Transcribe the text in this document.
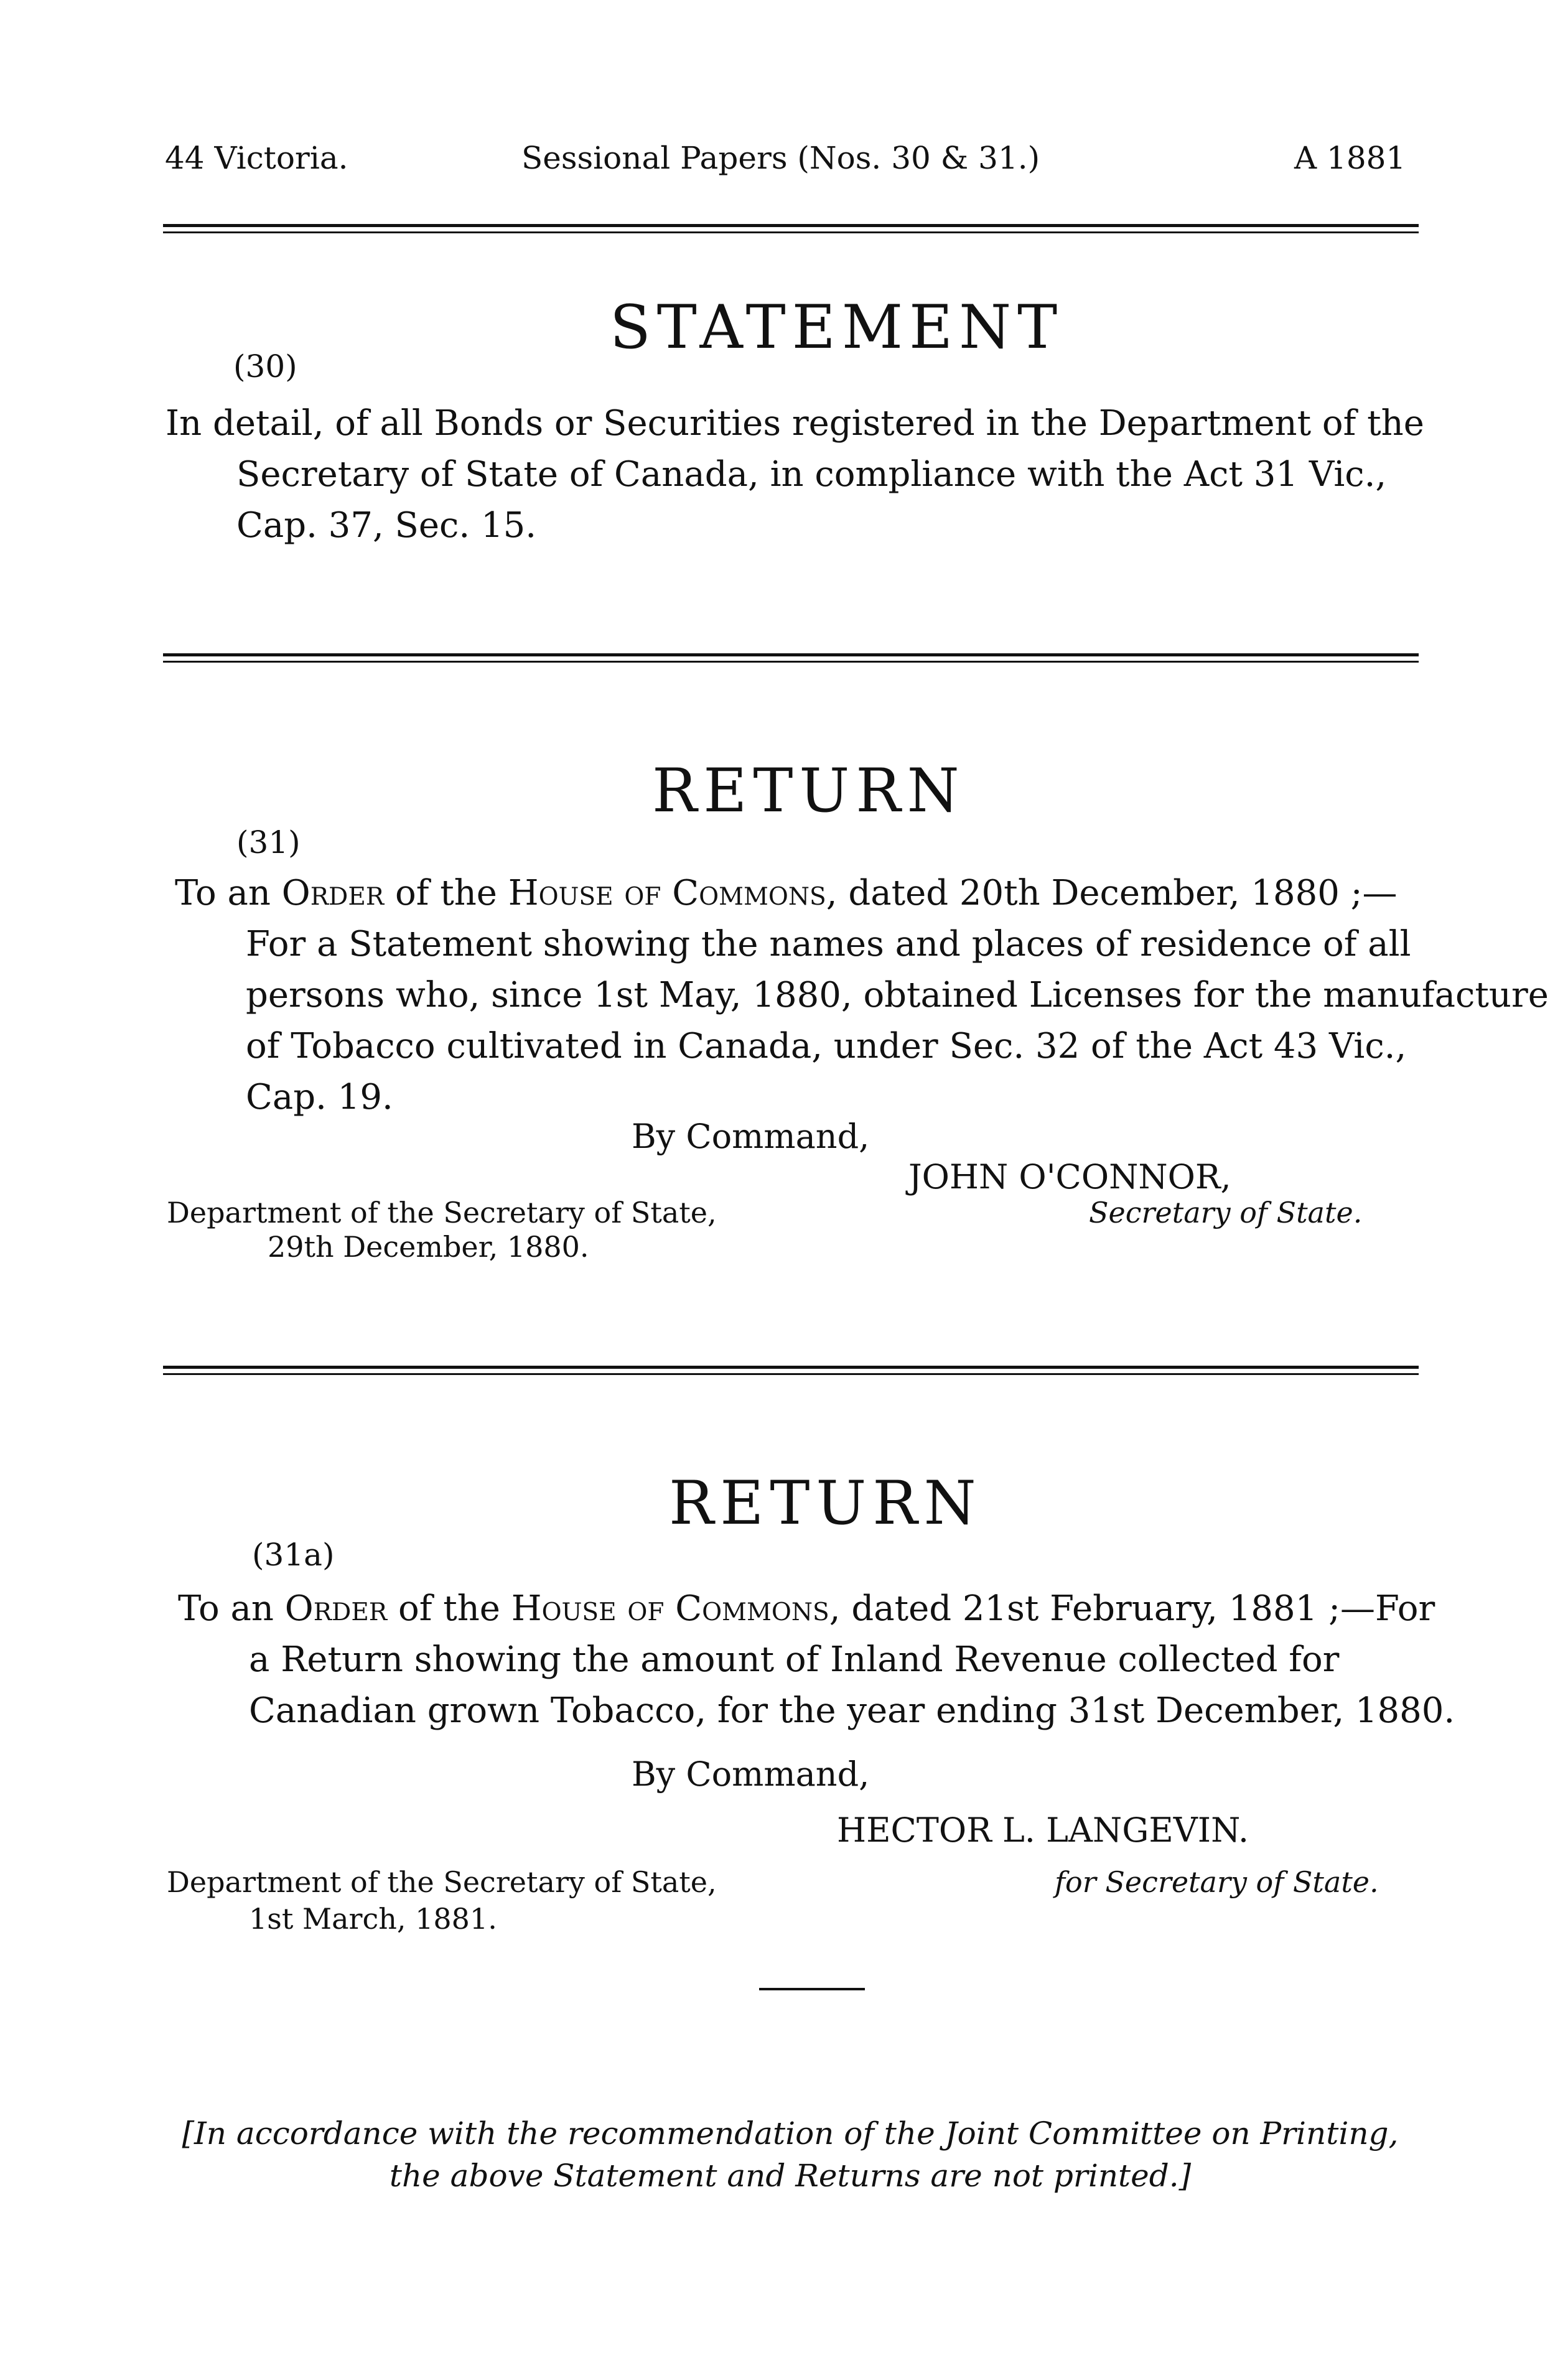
44 Victoria.	Sessional Papers (Nos. 30 & 31.)	A 1881
STATEMENT
(30)
In detail, of all Bonds or Securities registered in the Department of the
Secretary of State of Canada, in compliance with the Act 31 Vic.,
Cap. 37, Sec. 15.
RETURN
(31)
To an Order of the House of Commons, dated 20th December, 1880 ;—
For a Statement showing the names and places of residence of all
persons who, since 1st May, 1880, obtained Licenses for the manufacture
of Tobacco cultivated in Canada, under Sec. 32 of the Act 43 Vic.,
Cap. 19.
By Command,
JOHN O'CONNOR,
Department of the Secretary of State,	Secretary of State.
29th December, 1880.
RETURN
(31a)
To an Order of the House of Commons, dated 21st February, 1881 ;—For
a Return showing the amount of Inland Revenue collected for
Canadian grown Tobacco, for the year ending 31st December, 1880.
By Command,
HECTOR L. LANGEVIN.
Department of the Secretary of State,	for Secretary of State.
1st March, 1881.
[In accordance with the recommendation of the Joint Committee on Printing,
the above Statement and Returns are not printed.]
